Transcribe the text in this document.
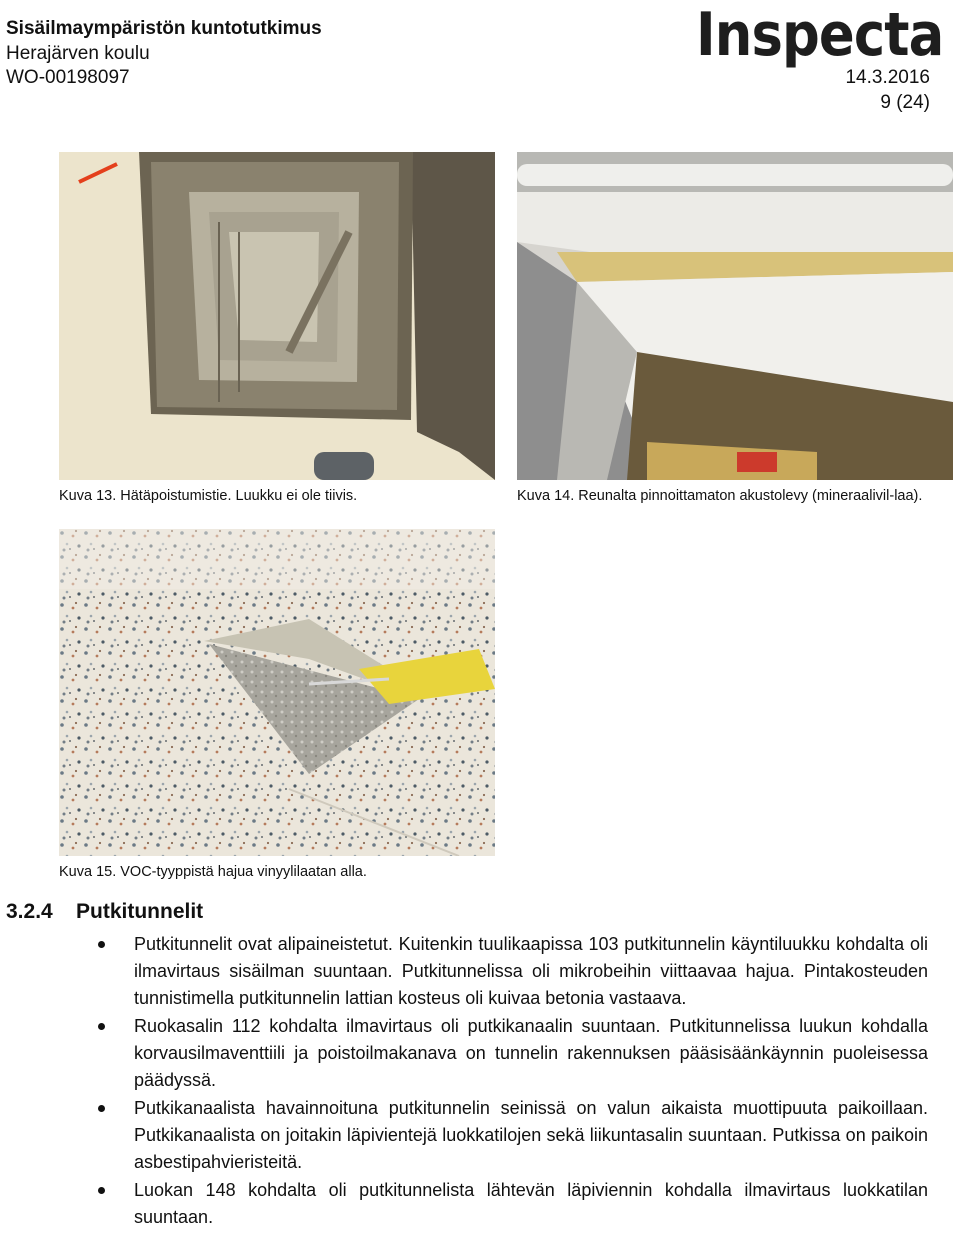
Sisäilmaympäristön kuntotutkimus
Herajärven koulu
WO-00198097
Inspecta
14.3.2016
9 (24)
Kuva 13. Hätäpoistumistie. Luukku ei ole tiivis.	Kuva 14. Reunalta pinnoittamaton akustolevy (mineraalivil-laa).
Kuva 15. VOC-tyyppistä hajua vinyylilaatan alla.
3.2.4 Putkitunnelit
Putkitunnelit ovat alipaineistetut. Kuitenkin tuulikaapissa 103 putkitunnelin käyntiluukku kohdalta oli ilmavirtaus sisäilman suuntaan. Putkitunnelissa oli mikrobeihin viittaavaa hajua. Pintakosteuden tunnistimella putkitunnelin lattian kosteus oli kuivaa betonia vastaava.
Ruokasalin 112 kohdalta ilmavirtaus oli putkikanaalin suuntaan. Putkitunnelissa luukun kohdalla korvausilmaventtiili ja poistoilmakanava on tunnelin rakennuksen pääsisäänkäynnin puoleisessa päädyssä.
Putkikanaalista havainnoituna putkitunnelin seinissä on valun aikaista muottipuuta paikoillaan. Putkikanaalista on joitakin läpivientejä luokkatilojen sekä liikuntasalin suuntaan. Putkissa on paikoin asbestipahvieristeitä.
Luokan 148 kohdalta oli putkitunnelista lähtevän läpiviennin kohdalla ilmavirtaus luokkatilan suuntaan.
